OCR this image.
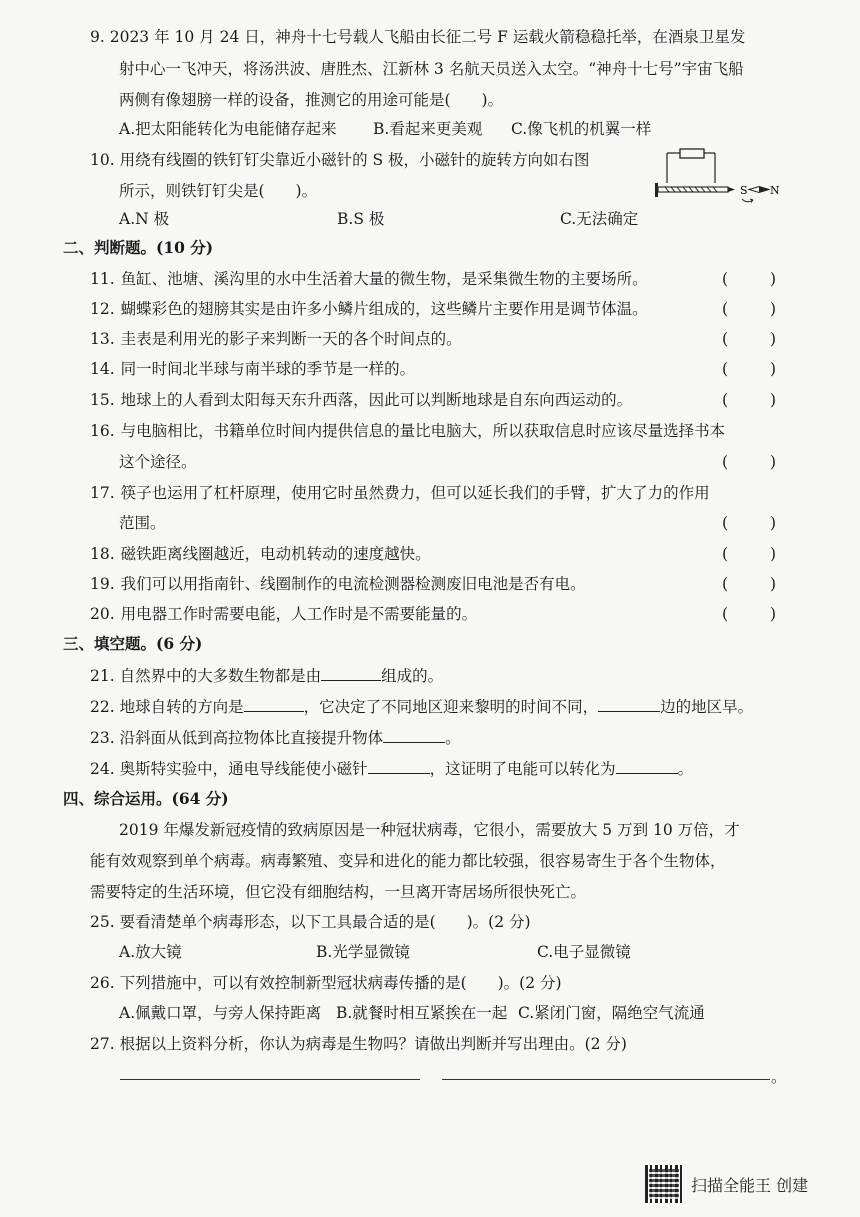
9. 2023 年 10 月 24 日，神舟十七号载人飞船由长征二号 F 运载火箭稳稳托举，在酒泉卫星发
射中心一飞冲天，将汤洪波、唐胜杰、江新林 3 名航天员送入太空。“神舟十七号”宇宙飞船
两侧有像翅膀一样的设备，推测它的用途可能是(　　)。
A.把太阳能转化为电能储存起来 B.看起来更美观 C.像飞机的机翼一样
10. 用绕有线圈的铁钉钉尖靠近小磁针的 S 极，小磁针的旋转方向如右图
所示，则铁钉钉尖是(　　)。
A.N 极	B.S 极	C.无法确定
S N
二、判断题。(10 分)
11. 鱼缸、池塘、溪沟里的水中生活着大量的微生物，是采集微生物的主要场所。	(	)
12. 蝴蝶彩色的翅膀其实是由许多小鳞片组成的，这些鳞片主要作用是调节体温。	(	)
13. 圭表是利用光的影子来判断一天的各个时间点的。	(	)
14. 同一时间北半球与南半球的季节是一样的。	(	)
15. 地球上的人看到太阳每天东升西落，因此可以判断地球是自东向西运动的。	(	)
16. 与电脑相比，书籍单位时间内提供信息的量比电脑大，所以获取信息时应该尽量选择书本
这个途径。	(	)
17. 筷子也运用了杠杆原理，使用它时虽然费力，但可以延长我们的手臂，扩大了力的作用
范围。	(	)
18. 磁铁距离线圈越近，电动机转动的速度越快。	(	)
19. 我们可以用指南针、线圈制作的电流检测器检测废旧电池是否有电。	(	)
20. 用电器工作时需要电能，人工作时是不需要能量的。	(	)
三、填空题。(6 分)
21. 自然界中的大多数生物都是由	组成的。
22. 地球自转的方向是	，它决定了不同地区迎来黎明的时间不同，	边的地区早。
23. 沿斜面从低到高拉物体比直接提升物体	。
24. 奥斯特实验中，通电导线能使小磁针	，这证明了电能可以转化为	。
四、综合运用。(64 分)
2019 年爆发新冠疫情的致病原因是一种冠状病毒，它很小，需要放大 5 万到 10 万倍，才
能有效观察到单个病毒。病毒繁殖、变异和进化的能力都比较强，很容易寄生于各个生物体，
需要特定的生活环境，但它没有细胞结构，一旦离开寄居场所很快死亡。
25. 要看清楚单个病毒形态，以下工具最合适的是(　　)。(2 分)
A.放大镜	B.光学显微镜	C.电子显微镜
26. 下列措施中，可以有效控制新型冠状病毒传播的是(　　)。(2 分)
A.佩戴口罩，与旁人保持距离 B.就餐时相互紧挨在一起 C.紧闭门窗，隔绝空气流通
27. 根据以上资料分析，你认为病毒是生物吗？请做出判断并写出理由。(2 分)
。
扫描全能王 创建
